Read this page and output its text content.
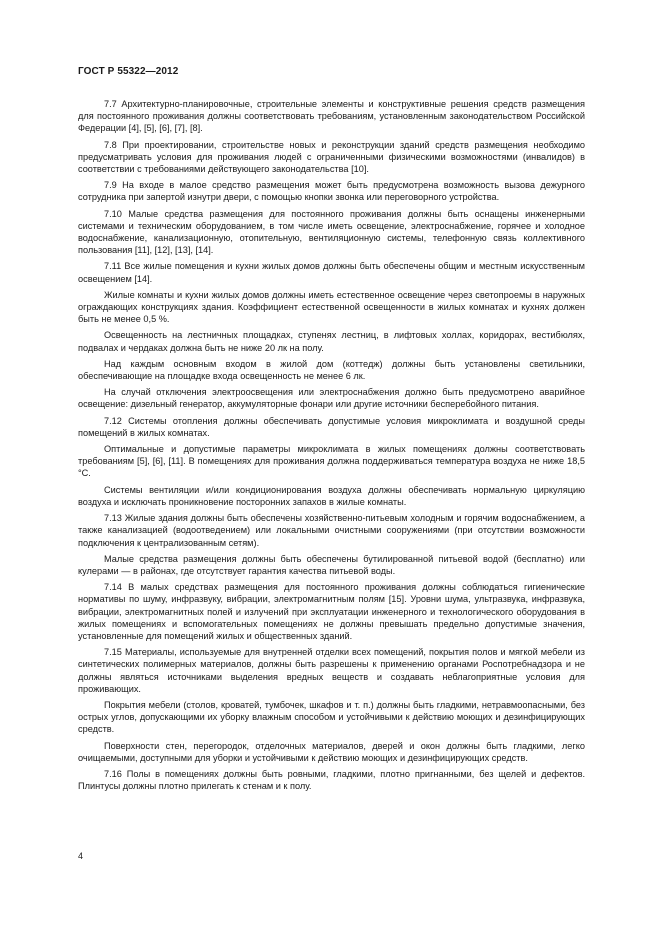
ГОСТ Р 55322—2012

7.7 Архитектурно-планировочные, строительные элементы и конструктивные решения средств размещения для постоянного проживания должны соответствовать требованиям, установленным законодательством Российской Федерации [4], [5], [6], [7], [8].

7.8 При проектировании, строительстве новых и реконструкции зданий средств размещения необходимо предусматривать условия для проживания людей с ограниченными физическими возможностями (инвалидов) в соответствии с требованиями действующего законодательства [10].

7.9 На входе в малое средство размещения может быть предусмотрена возможность вызова дежурного сотрудника при запертой изнутри двери, с помощью кнопки звонка или переговорного устройства.

7.10 Малые средства размещения для постоянного проживания должны быть оснащены инженерными системами и техническим оборудованием, в том числе иметь освещение, электроснабжение, горячее и холодное водоснабжение, канализационную, отопительную, вентиляционную системы, телефонную связь коллективного пользования [11], [12], [13], [14].

7.11 Все жилые помещения и кухни жилых домов должны быть обеспечены общим и местным искусственным освещением [14].

Жилые комнаты и кухни жилых домов должны иметь естественное освещение через светопроемы в наружных ограждающих конструкциях здания. Коэффициент естественной освещенности в жилых комнатах и кухнях должен быть не менее 0,5 %.

Освещенность на лестничных площадках, ступенях лестниц, в лифтовых холлах, коридорах, вестибюлях, подвалах и чердаках должна быть не ниже 20 лк на полу.

Над каждым основным входом в жилой дом (коттедж) должны быть установлены светильники, обеспечивающие на площадке входа освещенность не менее 6 лк.

На случай отключения электроосвещения или электроснабжения должно быть предусмотрено аварийное освещение: дизельный генератор, аккумуляторные фонари или другие источники бесперебойного питания.

7.12 Системы отопления должны обеспечивать допустимые условия микроклимата и воздушной среды помещений в жилых комнатах.

Оптимальные и допустимые параметры микроклимата в жилых помещениях должны соответствовать требованиям [5], [6], [11]. В помещениях для проживания должна поддерживаться температура воздуха не ниже 18,5 °С.

Системы вентиляции и/или кондиционирования воздуха должны обеспечивать нормальную циркуляцию воздуха и исключать проникновение посторонних запахов в жилые комнаты.

7.13 Жилые здания должны быть обеспечены хозяйственно-питьевым холодным и горячим водоснабжением, а также канализацией (водоотведением) или локальными очистными сооружениями (при отсутствии возможности подключения к централизованным сетям).

Малые средства размещения должны быть обеспечены бутилированной питьевой водой (бесплатно) или кулерами — в районах, где отсутствует гарантия качества питьевой воды.

7.14 В малых средствах размещения для постоянного проживания должны соблюдаться гигиенические нормативы по шуму, инфразвуку, вибрации, электромагнитным полям [15]. Уровни шума, ультразвука, инфразвука, вибрации, электромагнитных полей и излучений при эксплуатации инженерного и технологического оборудования в жилых помещениях и вспомогательных помещениях не должны превышать предельно допустимые значения, установленные для помещений жилых и общественных зданий.

7.15 Материалы, используемые для внутренней отделки всех помещений, покрытия полов и мягкой мебели из синтетических полимерных материалов, должны быть разрешены к применению органами Роспотребнадзора и не должны являться источниками выделения вредных веществ и создавать неблагоприятные условия для проживающих.

Покрытия мебели (столов, кроватей, тумбочек, шкафов и т. п.) должны быть гладкими, нетравмоопасными, без острых углов, допускающими их уборку влажным способом и устойчивыми к действию моющих и дезинфицирующих средств.

Поверхности стен, перегородок, отделочных материалов, дверей и окон должны быть гладкими, легко очищаемыми, доступными для уборки и устойчивыми к действию моющих и дезинфицирующих средств.

7.16 Полы в помещениях должны быть ровными, гладкими, плотно пригнанными, без щелей и дефектов. Плинтусы должны плотно прилегать к стенам и к полу.

4
